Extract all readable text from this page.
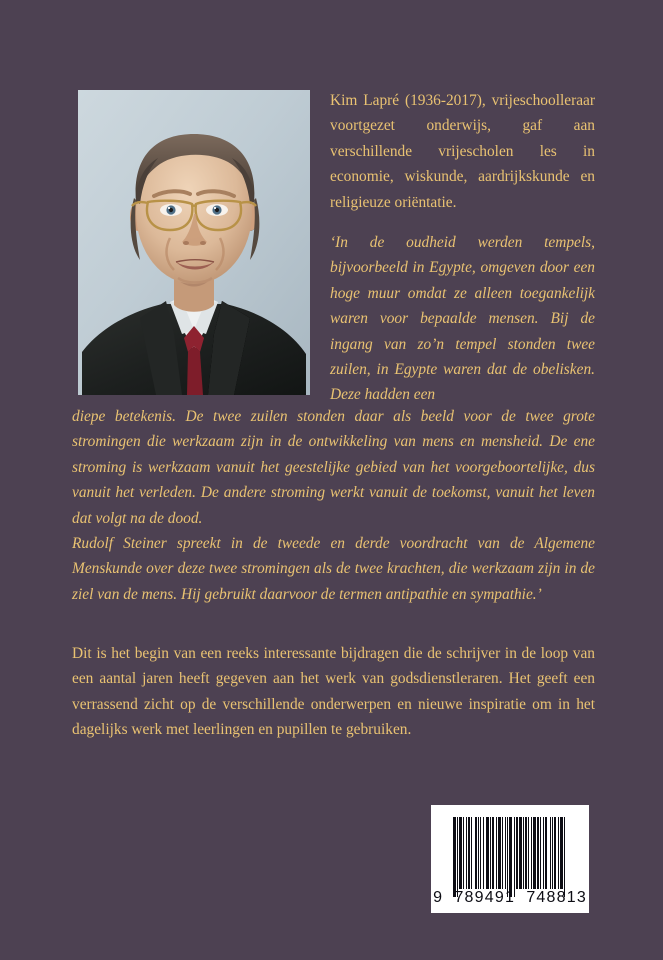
Kim Lapré (1936-2017), vrijeschoolleraar voortgezet onderwijs, gaf aan verschillende vrijescholen les in economie, wiskunde, aardrijkskunde en religieuze oriëntatie.
‘In de oudheid werden tempels, bijvoorbeeld in Egypte, omgeven door een hoge muur omdat ze alleen toegankelijk waren voor bepaalde mensen. Bij de ingang van zo’n tempel stonden twee zuilen, in Egypte waren dat de obelisken. Deze hadden een

diepe betekenis. De twee zuilen stonden daar als beeld voor de twee grote stromingen die werkzaam zijn in de ontwikkeling van mens en mensheid. De ene stroming is werkzaam vanuit het geestelijke gebied van het voorgeboortelijke, dus vanuit het verleden. De andere stroming werkt vanuit de toekomst, vanuit het leven dat volgt na de dood.

Rudolf Steiner spreekt in de tweede en derde voordracht van de Algemene Menskunde over deze twee stromingen als de twee krachten, die werkzaam zijn in de ziel van de mens. Hij gebruikt daarvoor de termen antipathie en sympathie.’

Dit is het begin van een reeks interessante bijdragen die de schrijver in de loop van een aantal jaren heeft gegeven aan het werk van godsdienstleraren. Het geeft een verrassend zicht op de verschillende onderwerpen en nieuwe inspiratie om in het dagelijks werk met leerlingen en pupillen te gebruiken.

9  789491  748813
